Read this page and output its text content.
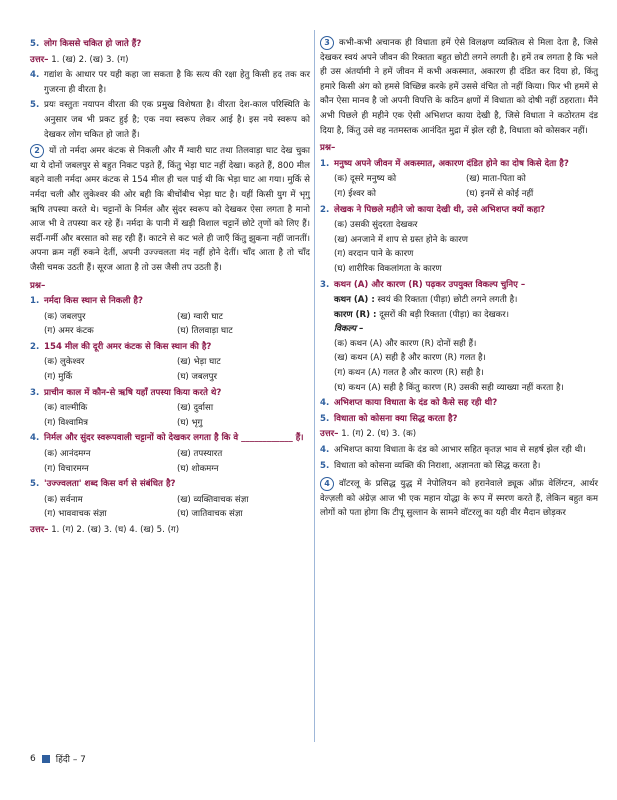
5. लोग किससे चकित हो जाते हैं?

उत्तर– 1. (ख) 2. (ख) 3. (ग)

4. गद्यांश के आधार पर यही कहा जा सकता है कि सत्य की रक्षा हेतु किसी हद तक कर गुजरना ही वीरता है।
5. प्रयः वस्तुतः नयापन वीरता की एक प्रमुख विशेषता है। वीरता देश-काल परिस्थिति के अनुसार जब भी प्रकट हुई है; एक नया स्वरूप लेकर आई है। इस नये स्वरूप को देखकर लोग चकित हो जाते हैं।

2 यों तो नर्मदा अमर कंटक से निकली और मैं ग्वारी घाट तथा तिलवाड़ा घाट देख चुका था ये दोनों जबलपुर से बहुत निकट पड़ते हैं, किंतु भेड़ा घाट नहीं देखा। कहते हैं, 800 मील बहने वाली नर्मदा अमर कंटक से 154 मील ही चल पाई थी कि भेड़ा घाट आ गया। मुर्कि से नर्मदा चली और लुकेश्वर की ओर बही कि बीचोंबीच भेड़ा घाट है। यहीं किसी युग में भृगु ऋषि तपस्या करते थे। चट्टानों के निर्मल और सुंदर स्वरूप को देखकर ऐसा लगता है मानो आज भी वे तपस्या कर रहे हैं। नर्मदा के पानी में खड़ी विशाल चट्टानें छोटे तृणों को लिए हैं। सर्दी-गर्मी और बरसात को सह रही हैं। काटने से कट भले ही जाएँ किंतु झुकना नहीं जानतीं। अपना क्रम नहीं रुकने देतीं, अपनी उज्ज्वलता मंद नहीं होने देतीं। चाँद आता है तो चाँद जैसी चमक उठती हैं। सूरज आता है तो उस जैसी तप उठती हैं।

प्रश्न–

1. नर्मदा किस स्थान से निकली है?
(क) जबलपुर	(ख) ग्वारी घाट
(ग) अमर कंटक	(घ) तिलवाड़ा घाट
2. 154 मील की दूरी अमर कंटक से किस स्थान की है?
(क) लुकेश्वर	(ख) भेड़ा घाट
(ग) मुर्कि	(घ) जबलपुर
3. प्राचीन काल में कौन-से ऋषि यहाँ तपस्या किया करते थे?
(क) वाल्मीकि	(ख) दुर्वासा
(ग) विश्वामित्र	(घ) भृगु
4. निर्मल और सुंदर स्वरूपवाली चट्टानों को देखकर लगता है कि वे ____________ हैं।
(क) आनंदमग्न	(ख) तपस्यारत
(ग) विचारमग्न	(घ) शोकमग्न
5. 'उज्ज्वलता' शब्द किस वर्ग से संबंधित है?
(क) सर्वनाम	(ख) व्यक्तिवाचक संज्ञा
(ग) भाववाचक संज्ञा	(घ) जातिवाचक संज्ञा

उत्तर– 1. (ग) 2. (ख) 3. (घ) 4. (ख) 5. (ग)

3 कभी-कभी अचानक ही विधाता हमें ऐसे विलक्षण व्यक्तित्व से मिला देता है, जिसे देखकर स्वयं अपने जीवन की रिक्तता बहुत छोटी लगने लगती है। हमें तब लगता है कि भले ही उस अंतर्यामी ने हमें जीवन में कभी अकस्मात, अकारण ही दंडित कर दिया हो, किंतु हमारे किसी अंग को हमसे विच्छिन्न करके हमें उससे वंचित तो नहीं किया। फिर भी हममें से कौन ऐसा मानव है जो अपनी विपत्ति के कठिन क्षणों में विधाता को दोषी नहीं ठहराता। मैंने अभी पिछले ही महीने एक ऐसी अभिशप्त काया देखी है, जिसे विधाता ने कठोरतम दंड दिया है, किंतु उसे वह नतमस्तक आनंदित मुद्रा में झेल रही है, विधाता को कोसकर नहीं।

प्रश्न–

1. मनुष्य अपने जीवन में अकस्मात, अकारण दंडित होने का दोष किसे देता है?
(क) दूसरे मनुष्य को	(ख) माता-पिता को
(ग) ईश्वर को	(घ) इनमें से कोई नहीं
2. लेखक ने पिछले महीने जो काया देखी थी, उसे अभिशप्त क्यों कहा?
(क) उसकी सुंदरता देखकर
(ख) अनजाने में शाप से ग्रस्त होने के कारण
(ग) वरदान पाने के कारण
(घ) शारीरिक विकलांगता के कारण
3. कथन (A) और कारण (R) पढ़कर उपयुक्त विकल्प चुनिए –
कथन (A) : स्वयं की रिक्तता (पीड़ा) छोटी लगने लगती है।
कारण (R) : दूसरों की बड़ी रिक्तता (पीड़ा) का देखकर।
विकल्प –
(क) कथन (A) और कारण (R) दोनों सही हैं।
(ख) कथन (A) सही है और कारण (R) गलत है।
(ग) कथन (A) गलत है और कारण (R) सही है।
(घ) कथन (A) सही है किंतु कारण (R) उसकी सही व्याख्या नहीं करता है।
4. अभिशप्त काया विधाता के दंड को कैसे सह रही थी?
5. विधाता को कोसना क्या सिद्ध करता है?

उत्तर– 1. (ग) 2. (घ) 3. (क)

4. अभिशप्त काया विधाता के दंड को आभार सहित कृतज्ञ भाव से सहर्ष झेल रही थी।
5. विधाता को कोसना व्यक्ति की निराशा, अज्ञानता को सिद्ध करता है।

4 वॉटरलू के प्रसिद्ध युद्ध में नेपोलियन को हरानेवाले ड्यूक ऑफ़ वेलिंग्टन, आर्थर वेल्ज़ली को अंग्रेज़ आज भी एक महान योद्धा के रूप में स्मरण करते हैं, लेकिन बहुत कम लोगों को पता होगा कि टीपू सुल्तान के सामने वॉटरलू का यही वीर मैदान छोड़कर

6 हिंदी – 7
